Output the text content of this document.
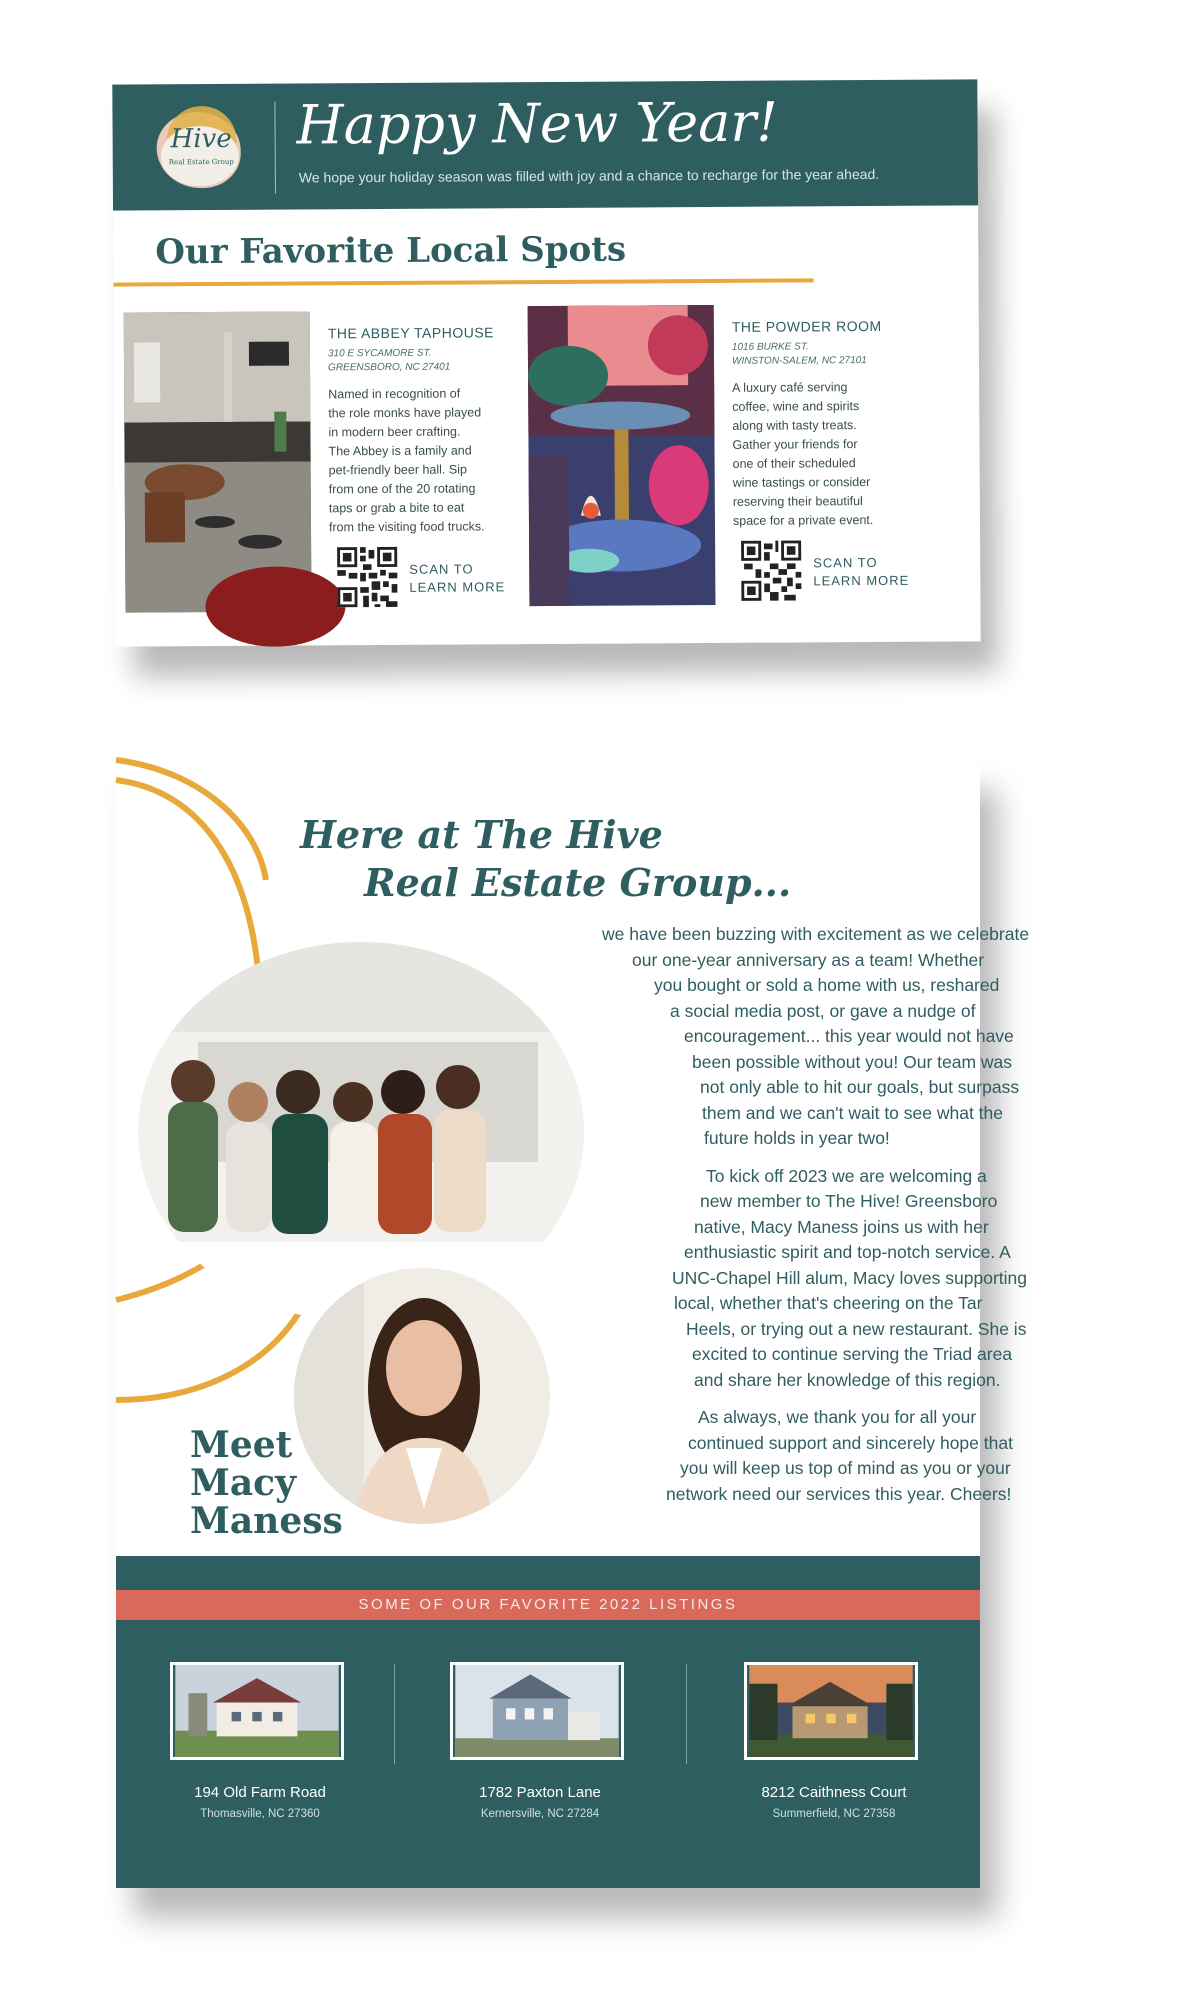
Hive
Real Estate Group
Happy New Year!
We hope your holiday season was filled with joy and a chance to recharge for the year ahead.
Our Favorite Local Spots
THE ABBEY TAPHOUSE
310 E SYCAMORE ST.
GREENSBORO, NC 27401
Named in recognition of
the role monks have played
in modern beer crafting.
The Abbey is a family and
pet-friendly beer hall. Sip
from one of the 20 rotating
taps or grab a bite to eat
from the visiting food trucks.
SCAN TO
LEARN MORE
THE POWDER ROOM
1016 BURKE ST.
WINSTON-SALEM, NC 27101
A luxury café serving
coffee, wine and spirits
along with tasty treats.
Gather your friends for
one of their scheduled
wine tastings or consider
reserving their beautiful
space for a private event.
SCAN TO
LEARN MORE
Here at The Hive
Real Estate Group...
Meet
Macy
Maness

we have been buzzing with excitement as we celebrate
our one-year anniversary as a team! Whether
you bought or sold a home with us, reshared
a social media post, or gave a nudge of
encouragement... this year would not have
been possible without you! Our team was
not only able to hit our goals, but surpass
them and we can't wait to see what the
future holds in year two!

To kick off 2023 we are welcoming a
new member to The Hive! Greensboro
native, Macy Maness joins us with her
enthusiastic spirit and top-notch service. A
UNC-Chapel Hill alum, Macy loves supporting
local, whether that's cheering on the Tar
Heels, or trying out a new restaurant. She is
excited to continue serving the Triad area
and share her knowledge of this region.

As always, we thank you for all your
continued support and sincerely hope that
you will keep us top of mind as you or your
network need our services this year. Cheers!

SOME OF OUR FAVORITE 2022 LISTINGS
194 Old Farm Road
Thomasville, NC 27360
1782 Paxton Lane
Kernersville, NC 27284
8212 Caithness Court
Summerfield, NC 27358
